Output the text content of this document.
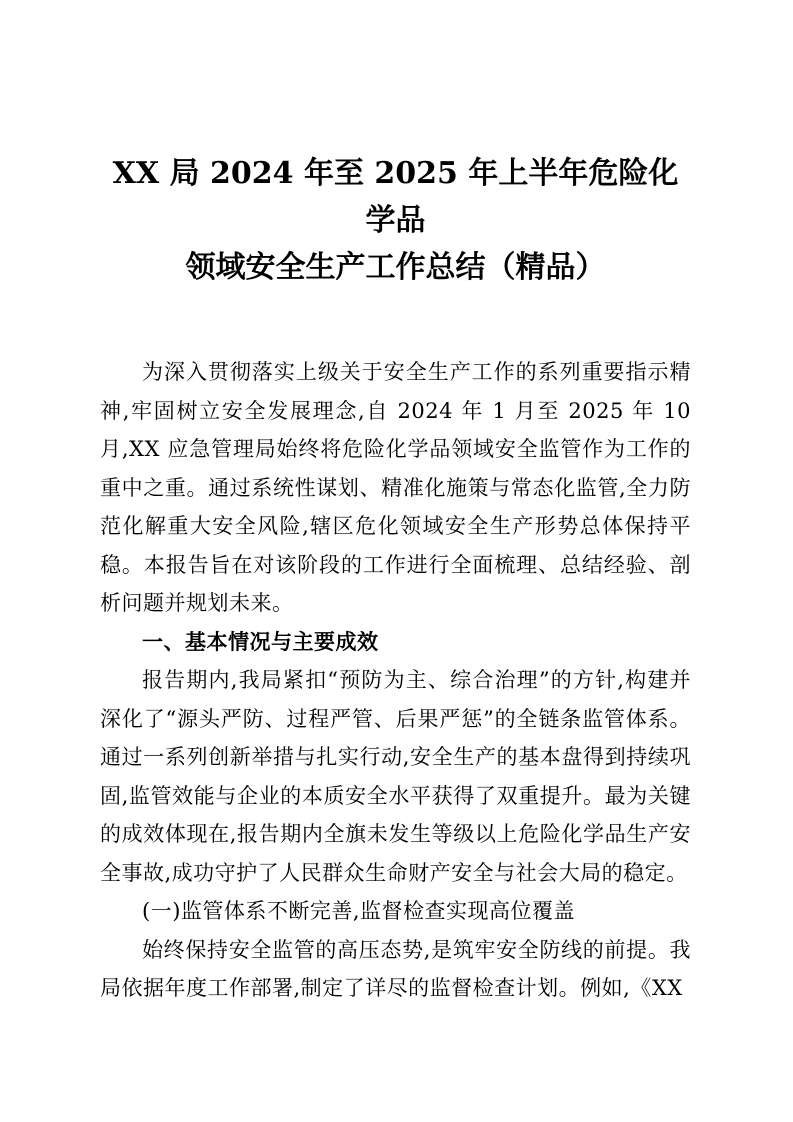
XX 局 2024 年至 2025 年上半年危险化学品
领域安全生产工作总结（精品）

为深入贯彻落实上级关于安全生产工作的系列重要指示精神,牢固树立安全发展理念,自 2024 年 1 月至 2025 年 10 月,XX 应急管理局始终将危险化学品领域安全监管作为工作的重中之重。通过系统性谋划、精准化施策与常态化监管,全力防范化解重大安全风险,辖区危化领域安全生产形势总体保持平稳。本报告旨在对该阶段的工作进行全面梳理、总结经验、剖析问题并规划未来。

一、基本情况与主要成效

报告期内,我局紧扣“预防为主、综合治理”的方针,构建并深化了“源头严防、过程严管、后果严惩”的全链条监管体系。通过一系列创新举措与扎实行动,安全生产的基本盘得到持续巩固,监管效能与企业的本质安全水平获得了双重提升。最为关键的成效体现在,报告期内全旗未发生等级以上危险化学品生产安全事故,成功守护了人民群众生命财产安全与社会大局的稳定。

(一)监管体系不断完善,监督检查实现高位覆盖

始终保持安全监管的高压态势,是筑牢安全防线的前提。我局依据年度工作部署,制定了详尽的监督检查计划。例如,《XX
